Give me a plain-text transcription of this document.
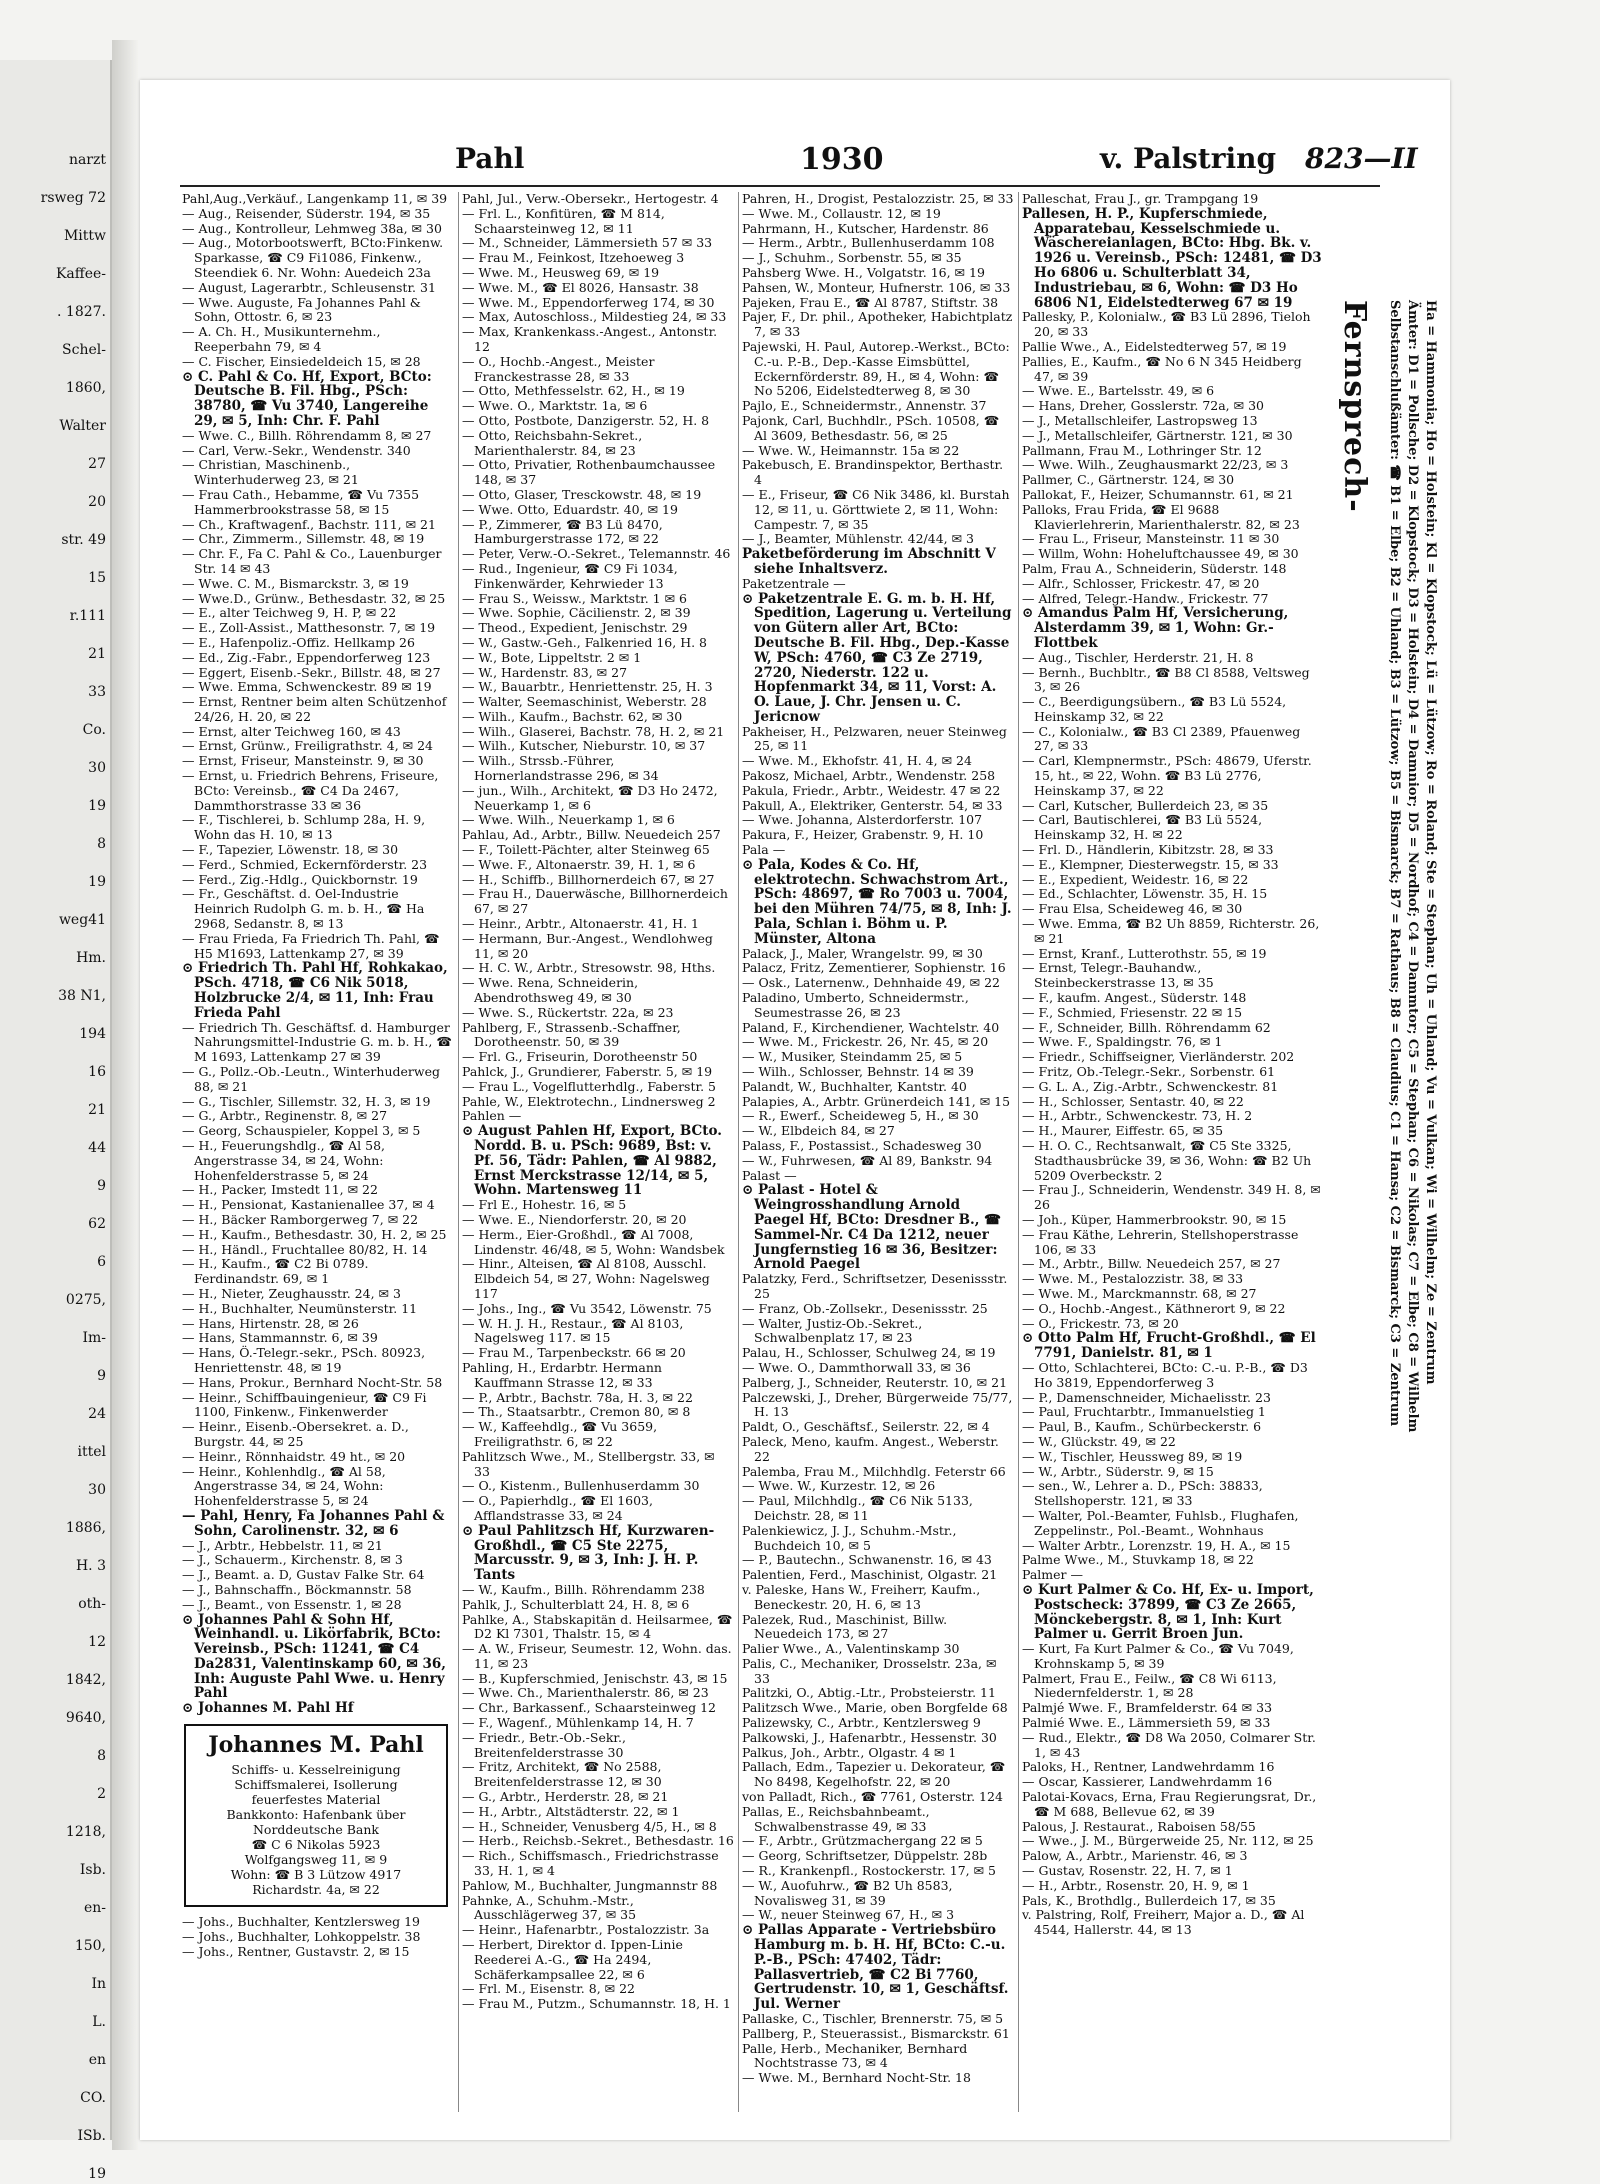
narzt
rsweg 72
Mittw
Kaffee-
. 1827.
Schel-
1860,
Walter
27
20
str. 49
15
r.111
21
33
Co.
30
19
8
19
weg41
Hm.
38 N1,
194
16
21
44
9
62
6
0275,
Im-
9
24
ittel
30
1886,
H. 3
oth-
12
1842,
9640,
8
2
1218,
Isb.
en-
150,
In
L.
en
CO.
ISb.
19
Pahl	1930	v. Palstring 823—II
Pahl,Aug.,Verkäuf., Langenkamp 11, ✉ 39
— Aug., Reisender, Süderstr. 194, ✉ 35
— Aug., Kontrolleur, Lehmweg 38a, ✉ 30
— Aug., Motorbootswerft, BCto:Finkenw. Sparkasse, ☎ C9 Fi1086, Finkenw., Steendiek 6. Nr. Wohn: Auedeich 23a
— August, Lagerarbtr., Schleusenstr. 31
— Wwe. Auguste, Fa Johannes Pahl & Sohn, Ottostr. 6, ✉ 23
— A. Ch. H., Musikunternehm., Reeperbahn 79, ✉ 4
— C. Fischer, Einsiedeldeich 15, ✉ 28
⊙ C. Pahl & Co. Hf, Export, BCto: Deutsche B. Fil. Hbg., PSch: 38780, ☎ Vu 3740, Langereihe 29, ✉ 5, Inh: Chr. F. Pahl
— Wwe. C., Billh. Röhrendamm 8, ✉ 27
— Carl, Verw.-Sekr., Wendenstr. 340
— Christian, Maschinenb., Winterhuderweg 23, ✉ 21
— Frau Cath., Hebamme, ☎ Vu 7355 Hammerbrookstrasse 58, ✉ 15
— Ch., Kraftwagenf., Bachstr. 111, ✉ 21
— Chr., Zimmerm., Sillemstr. 48, ✉ 19
— Chr. F., Fa C. Pahl & Co., Lauenburger Str. 14 ✉ 43
— Wwe. C. M., Bismarckstr. 3, ✉ 19
— Wwe.D., Grünw., Bethesdastr. 32, ✉ 25
— E., alter Teichweg 9, H. P, ✉ 22
— E., Zoll-Assist., Matthesonstr. 7, ✉ 19
— E., Hafenpoliz.-Offiz. Hellkamp 26
— Ed., Zig.-Fabr., Eppendorferweg 123
— Eggert, Eisenb.-Sekr., Billstr. 48, ✉ 27
— Wwe. Emma, Schwenckestr. 89 ✉ 19
— Ernst, Rentner beim alten Schützenhof 24/26, H. 20, ✉ 22
— Ernst, alter Teichweg 160, ✉ 43
— Ernst, Grünw., Freiligrathstr. 4, ✉ 24
— Ernst, Friseur, Mansteinstr. 9, ✉ 30
— Ernst, u. Friedrich Behrens, Friseure, BCto: Vereinsb., ☎ C4 Da 2467, Dammthorstrasse 33 ✉ 36
— F., Tischlerei, b. Schlump 28a, H. 9, Wohn das H. 10, ✉ 13
— F., Tapezier, Löwenstr. 18, ✉ 30
— Ferd., Schmied, Eckernförderstr. 23
— Ferd., Zig.-Hdlg., Quickbornstr. 19
— Fr., Geschäftst. d. Oel-Industrie Heinrich Rudolph G. m. b. H., ☎ Ha 2968, Sedanstr. 8, ✉ 13
— Frau Frieda, Fa Friedrich Th. Pahl, ☎ H5 M1693, Lattenkamp 27, ✉ 39
⊙ Friedrich Th. Pahl Hf, Rohkakao, PSch. 4718, ☎ C6 Nik 5018, Holzbrucke 2/4, ✉ 11, Inh: Frau Frieda Pahl
— Friedrich Th. Geschäftsf. d. Hamburger Nahrungsmittel-Industrie G. m. b. H., ☎ M 1693, Lattenkamp 27 ✉ 39
— G., Pollz.-Ob.-Leutn., Winterhuderweg 88, ✉ 21
— G., Tischler, Sillemstr. 32, H. 3, ✉ 19
— G., Arbtr., Reginenstr. 8, ✉ 27
— Georg, Schauspieler, Koppel 3, ✉ 5
— H., Feuerungshdlg., ☎ Al 58, Angerstrasse 34, ✉ 24, Wohn: Hohenfelderstrasse 5, ✉ 24
— H., Packer, Imstedt 11, ✉ 22
— H., Pensionat, Kastanienallee 37, ✉ 4
— H., Bäcker Ramborgerweg 7, ✉ 22
— H., Kaufm., Bethesdastr. 30, H. 2, ✉ 25
— H., Händl., Fruchtallee 80/82, H. 14
— H., Kaufm., ☎ C2 Bi 0789. Ferdinandstr. 69, ✉ 1
— H., Nieter, Zeughausstr. 24, ✉ 3
— H., Buchhalter, Neumünsterstr. 11
— Hans, Hirtenstr. 28, ✉ 26
— Hans, Stammannstr. 6, ✉ 39
— Hans, Ö.-Telegr.-sekr., PSch. 80923, Henriettenstr. 48, ✉ 19
— Hans, Prokur., Bernhard Nocht-Str. 58
— Heinr., Schiffbauingenieur, ☎ C9 Fi 1100, Finkenw., Finkenwerder
— Heinr., Eisenb.-Obersekret. a. D., Burgstr. 44, ✉ 25
— Heinr., Rönnhaidstr. 49 ht., ✉ 20
— Heinr., Kohlenhdlg., ☎ Al 58, Angerstrasse 34, ✉ 24, Wohn: Hohenfelderstrasse 5, ✉ 24
— Pahl, Henry, Fa Johannes Pahl & Sohn, Carolinenstr. 32, ✉ 6
— J., Arbtr., Hebbelstr. 11, ✉ 21
— J., Schauerm., Kirchenstr. 8, ✉ 3
— J., Beamt. a. D, Gustav Falke Str. 64
— J., Bahnschaffn., Böckmannstr. 58
— J., Beamt., von Essenstr. 1, ✉ 28
⊙ Johannes Pahl & Sohn Hf, Weinhandl. u. Likörfabrik, BCto: Vereinsb., PSch: 11241, ☎ C4 Da2831, Valentinskamp 60, ✉ 36, Inh: Auguste Pahl Wwe. u. Henry Pahl
⊙ Johannes M. Pahl Hf
Johannes M. Pahl
Schiffs- u. Kesselreinigung
Schiffsmalerei, Isollerung
feuerfestes Material
Bankkonto: Hafenbank über
Norddeutsche Bank
☎ C 6 Nikolas 5923
Wolfgangsweg 11, ✉ 9
Wohn: ☎ B 3 Lützow 4917
Richardstr. 4a, ✉ 22
— Johs., Buchhalter, Kentzlersweg 19
— Johs., Buchhalter, Lohkoppelstr. 38
— Johs., Rentner, Gustavstr. 2, ✉ 15
Pahl, Jul., Verw.-Obersekr., Hertogestr. 4
— Frl. L., Konfitüren, ☎ M 814, Schaarsteinweg 12, ✉ 11
— M., Schneider, Lämmersieth 57 ✉ 33
— Frau M., Feinkost, Itzehoeweg 3
— Wwe. M., Heusweg 69, ✉ 19
— Wwe. M., ☎ El 8026, Hansastr. 38
— Wwe. M., Eppendorferweg 174, ✉ 30
— Max, Autoschloss., Mildestieg 24, ✉ 33
— Max, Krankenkass.-Angest., Antonstr. 12
— O., Hochb.-Angest., Meister Franckestrasse 28, ✉ 33
— Otto, Methfesselstr. 62, H., ✉ 19
— Wwe. O., Marktstr. 1a, ✉ 6
— Otto, Postbote, Danzigerstr. 52, H. 8
— Otto, Reichsbahn-Sekret., Marienthalerstr. 84, ✉ 23
— Otto, Privatier, Rothenbaumchaussee 148, ✉ 37
— Otto, Glaser, Tresckowstr. 48, ✉ 19
— Wwe. Otto, Eduardstr. 40, ✉ 19
— P., Zimmerer, ☎ B3 Lü 8470, Hamburgerstrasse 172, ✉ 22
— Peter, Verw.-O.-Sekret., Telemannstr. 46
— Rud., Ingenieur, ☎ C9 Fi 1034, Finkenwärder, Kehrwieder 13
— Frau S., Weissw., Marktstr. 1 ✉ 6
— Wwe. Sophie, Cäcilienstr. 2, ✉ 39
— Theod., Expedient, Jenischstr. 29
— W., Gastw.-Geh., Falkenried 16, H. 8
— W., Bote, Lippeltstr. 2 ✉ 1
— W., Hardenstr. 83, ✉ 27
— W., Bauarbtr., Henriettenstr. 25, H. 3
— Walter, Seemaschinist, Weberstr. 28
— Wilh., Kaufm., Bachstr. 62, ✉ 30
— Wilh., Glaserei, Bachstr. 78, H. 2, ✉ 21
— Wilh., Kutscher, Nieburstr. 10, ✉ 37
— Wilh., Strssb.-Führer, Hornerlandstrasse 296, ✉ 34
— jun., Wilh., Architekt, ☎ D3 Ho 2472, Neuerkamp 1, ✉ 6
— Wwe. Wilh., Neuerkamp 1, ✉ 6
Pahlau, Ad., Arbtr., Billw. Neuedeich 257
— F., Toilett-Pächter, alter Steinweg 65
— Wwe. F., Altonaerstr. 39, H. 1, ✉ 6
— H., Schiffb., Billhornerdeich 67, ✉ 27
— Frau H., Dauerwäsche, Billhornerdeich 67, ✉ 27
— Heinr., Arbtr., Altonaerstr. 41, H. 1
— Hermann, Bur.-Angest., Wendlohweg 11, ✉ 20
— H. C. W., Arbtr., Stresowstr. 98, Hths.
— Wwe. Rena, Schneiderin, Abendrothsweg 49, ✉ 30
— Wwe. S., Rückertstr. 22a, ✉ 23
Pahlberg, F., Strassenb.-Schaffner, Dorotheenstr. 50, ✉ 39
— Frl. G., Friseurin, Dorotheenstr 50
Pahlck, J., Grundierer, Faberstr. 5, ✉ 19
— Frau L., Vogelflutterhdlg., Faberstr. 5
Pahle, W., Elektrotechn., Lindnersweg 2
Pahlen —
⊙ August Pahlen Hf, Export, BCto. Nordd. B. u. PSch: 9689, Bst: v. Pf. 56, Tädr: Pahlen, ☎ Al 9882, Ernst Merckstrasse 12/14, ✉ 5, Wohn. Martensweg 11
— Frl E., Hohestr. 16, ✉ 5
— Wwe. E., Niendorferstr. 20, ✉ 20
— Herm., Eier-Großhdl., ☎ Al 7008, Lindenstr. 46/48, ✉ 5, Wohn: Wandsbek
— Hinr., Alteisen, ☎ Al 8108, Ausschl. Elbdeich 54, ✉ 27, Wohn: Nagelsweg 117
— Johs., Ing., ☎ Vu 3542, Löwenstr. 75
— W. H. J. H., Restaur., ☎ Al 8103, Nagelsweg 117. ✉ 15
— Frau M., Tarpenbeckstr. 66 ✉ 20
Pahling, H., Erdarbtr. Hermann Kauffmann Strasse 12, ✉ 33
— P., Arbtr., Bachstr. 78a, H. 3, ✉ 22
— Th., Staatsarbtr., Cremon 80, ✉ 8
— W., Kaffeehdlg., ☎ Vu 3659, Freiligrathstr. 6, ✉ 22
Pahlitzsch Wwe., M., Stellbergstr. 33, ✉ 33
— O., Kistenm., Bullenhuserdamm 30
— O., Papierhdlg., ☎ El 1603, Afflandstrasse 33, ✉ 24
⊙ Paul Pahlitzsch Hf, Kurzwaren-Großhdl., ☎ C5 Ste 2275, Marcusstr. 9, ✉ 3, Inh: J. H. P. Tants
— W., Kaufm., Billh. Röhrendamm 238
Pahlk, J., Schulterblatt 24, H. 8, ✉ 6
Pahlke, A., Stabskapitän d. Heilsarmee, ☎ D2 Kl 7301, Thalstr. 15, ✉ 4
— A. W., Friseur, Seumestr. 12, Wohn. das. 11, ✉ 23
— B., Kupferschmied, Jenischstr. 43, ✉ 15
— Wwe. Ch., Marienthalerstr. 86, ✉ 23
— Chr., Barkassenf., Schaarsteinweg 12
— F., Wagenf., Mühlenkamp 14, H. 7
— Friedr., Betr.-Ob.-Sekr., Breitenfelderstrasse 30
— Fritz, Architekt, ☎ No 2588, Breitenfelderstrasse 12, ✉ 30
— G., Arbtr., Herderstr. 28, ✉ 21
— H., Arbtr., Altstädterstr. 22, ✉ 1
— H., Schneider, Venusberg 4/5, H., ✉ 8
— Herb., Reichsb.-Sekret., Bethesdastr. 16
— Rich., Schiffsmasch., Friedrichstrasse 33, H. 1, ✉ 4
Pahlow, M., Buchhalter, Jungmannstr 88
Pahnke, A., Schuhm.-Mstr., Ausschlägerweg 37, ✉ 35
— Heinr., Hafenarbtr., Postalozzistr. 3a
— Herbert, Direktor d. Ippen-Linie Reederei A.-G., ☎ Ha 2494, Schäferkampsallee 22, ✉ 6
— Frl. M., Eisenstr. 8, ✉ 22
— Frau M., Putzm., Schumannstr. 18, H. 1
Pahren, H., Drogist, Pestalozzistr. 25, ✉ 33
— Wwe. M., Collaustr. 12, ✉ 19
Pahrmann, H., Kutscher, Hardenstr. 86
— Herm., Arbtr., Bullenhuserdamm 108
— J., Schuhm., Sorbenstr. 55, ✉ 35
Pahsberg Wwe. H., Volgatstr. 16, ✉ 19
Pahsen, W., Monteur, Hufnerstr. 106, ✉ 33
Pajeken, Frau E., ☎ Al 8787, Stiftstr. 38
Pajer, F., Dr. phil., Apotheker, Habichtplatz 7, ✉ 33
Pajewski, H. Paul, Autorep.-Werkst., BCto: C.-u. P.-B., Dep.-Kasse Eimsbüttel, Eckernförderstr. 89, H., ✉ 4, Wohn: ☎ No 5206, Eidelstedterweg 8, ✉ 30
Pajlo, E., Schneidermstr., Annenstr. 37
Pajonk, Carl, Buchhdlr., PSch. 10508, ☎ Al 3609, Bethesdastr. 56, ✉ 25
— Wwe. W., Heimannstr. 15a ✉ 22
Pakebusch, E. Brandinspektor, Berthastr. 4
— E., Friseur, ☎ C6 Nik 3486, kl. Burstah 12, ✉ 11, u. Görttwiete 2, ✉ 11, Wohn: Campestr. 7, ✉ 35
— J., Beamter, Mühlenstr. 42/44, ✉ 3
Paketbeförderung im Abschnitt V siehe Inhaltsverz.
Paketzentrale —
⊙ Paketzentrale E. G. m. b. H. Hf, Spedition, Lagerung u. Verteilung von Gütern aller Art, BCto: Deutsche B. Fil. Hbg., Dep.-Kasse W, PSch: 4760, ☎ C3 Ze 2719, 2720, Niederstr. 122 u. Hopfenmarkt 34, ✉ 11, Vorst: A. O. Laue, J. Chr. Jensen u. C. Jericnow
Pakheiser, H., Pelzwaren, neuer Steinweg 25, ✉ 11
— Wwe. M., Ekhofstr. 41, H. 4, ✉ 24
Pakosz, Michael, Arbtr., Wendenstr. 258
Pakula, Friedr., Arbtr., Weidestr. 47 ✉ 22
Pakull, A., Elektriker, Genterstr. 54, ✉ 33
— Wwe. Johanna, Alsterdorferstr. 107
Pakura, F., Heizer, Grabenstr. 9, H. 10
Pala —
⊙ Pala, Kodes & Co. Hf, elektrotechn. Schwachstrom Art., PSch: 48697, ☎ Ro 7003 u. 7004, bei den Mühren 74/75, ✉ 8, Inh: J. Pala, Schlan i. Böhm u. P. Münster, Altona
Palack, J., Maler, Wrangelstr. 99, ✉ 30
Palacz, Fritz, Zementierer, Sophienstr. 16
— Osk., Laternenw., Dehnhaide 49, ✉ 22
Paladino, Umberto, Schneidermstr., Seumestrasse 26, ✉ 23
Paland, F., Kirchendiener, Wachtelstr. 40
— Wwe. M., Frickestr. 26, Nr. 45, ✉ 20
— W., Musiker, Steindamm 25, ✉ 5
— Wilh., Schlosser, Behnstr. 14 ✉ 39
Palandt, W., Buchhalter, Kantstr. 40
Palapies, A., Arbtr. Grünerdeich 141, ✉ 15
— R., Ewerf., Scheideweg 5, H., ✉ 30
— W., Elbdeich 84, ✉ 27
Palass, F., Postassist., Schadesweg 30
— W., Fuhrwesen, ☎ Al 89, Bankstr. 94
Palast —
⊙ Palast - Hotel & Weingrosshandlung Arnold Paegel Hf, BCto: Dresdner B., ☎ Sammel-Nr. C4 Da 1212, neuer Jungfernstieg 16 ✉ 36, Besitzer: Arnold Paegel
Palatzky, Ferd., Schriftsetzer, Desenissstr. 25
— Franz, Ob.-Zollsekr., Desenissstr. 25
— Walter, Justiz-Ob.-Sekret., Schwalbenplatz 17, ✉ 23
Palau, H., Schlosser, Schulweg 24, ✉ 19
— Wwe. O., Dammthorwall 33, ✉ 36
Palberg, J., Schneider, Reuterstr. 10, ✉ 21
Palczewski, J., Dreher, Bürgerweide 75/77, H. 13
Paldt, O., Geschäftsf., Seilerstr. 22, ✉ 4
Paleck, Meno, kaufm. Angest., Weberstr. 22
Palemba, Frau M., Milchhdlg. Feterstr 66
— Wwe. W., Kurzestr. 12, ✉ 26
— Paul, Milchhdlg., ☎ C6 Nik 5133, Deichstr. 28, ✉ 11
Palenkiewicz, J. J., Schuhm.-Mstr., Buchdeich 10, ✉ 5
— P., Bautechn., Schwanenstr. 16, ✉ 43
Palentien, Ferd., Maschinist, Olgastr. 21
v. Paleske, Hans W., Freiherr, Kaufm., Beneckestr. 20, H. 6, ✉ 13
Palezek, Rud., Maschinist, Billw. Neuedeich 173, ✉ 27
Palier Wwe., A., Valentinskamp 30
Palis, C., Mechaniker, Drosselstr. 23a, ✉ 33
Palitzki, O., Abtig.-Ltr., Probsteierstr. 11
Palitzsch Wwe., Marie, oben Borgfelde 68
Palizewsky, C., Arbtr., Kentzlersweg 9
Palkowski, J., Hafenarbtr., Hessenstr. 30
Palkus, Joh., Arbtr., Olgastr. 4 ✉ 1
Pallach, Edm., Tapezier u. Dekorateur, ☎ No 8498, Kegelhofstr. 22, ✉ 20
von Palladt, Rich., ☎ 7761, Osterstr. 124
Pallas, E., Reichsbahnbeamt., Schwalbenstrasse 49, ✉ 33
— F., Arbtr., Grützmachergang 22 ✉ 5
— Georg, Schriftsetzer, Düppelstr. 28b
— R., Krankenpfl., Rostockerstr. 17, ✉ 5
— W., Auofuhrw., ☎ B2 Uh 8583, Novalisweg 31, ✉ 39
— W., neuer Steinweg 67, H., ✉ 3
⊙ Pallas Apparate - Vertriebsbüro Hamburg m. b. H. Hf, BCto: C.-u. P.-B., PSch: 47402, Tädr: Pallasvertrieb, ☎ C2 Bi 7760, Gertrudenstr. 10, ✉ 1, Geschäftsf. Jul. Werner
Pallaske, C., Tischler, Brennerstr. 75, ✉ 5
Pallberg, P., Steuerassist., Bismarckstr. 61
Palle, Herb., Mechaniker, Bernhard Nochtstrasse 73, ✉ 4
— Wwe. M., Bernhard Nocht-Str. 18
Palleschat, Frau J., gr. Trampgang 19
Pallesen, H. P., Kupferschmiede, Apparatebau, Kesselschmiede u. Wäschereianlagen, BCto: Hbg. Bk. v. 1926 u. Vereinsb., PSch: 12481, ☎ D3 Ho 6806 u. Schulterblatt 34, Industriebau, ✉ 6, Wohn: ☎ D3 Ho 6806 N1, Eidelstedterweg 67 ✉ 19
Pallesky, P., Kolonialw., ☎ B3 Lü 2896, Tieloh 20, ✉ 33
Pallie Wwe., A., Eidelstedterweg 57, ✉ 19
Pallies, E., Kaufm., ☎ No 6 N 345 Heidberg 47, ✉ 39
— Wwe. E., Bartelsstr. 49, ✉ 6
— Hans, Dreher, Gosslerstr. 72a, ✉ 30
— J., Metallschleifer, Lastropsweg 13
— J., Metallschleifer, Gärtnerstr. 121, ✉ 30
Pallmann, Frau M., Lothringer Str. 12
— Wwe. Wilh., Zeughausmarkt 22/23, ✉ 3
Pallmer, C., Gärtnerstr. 124, ✉ 30
Pallokat, F., Heizer, Schumannstr. 61, ✉ 21
Palloks, Frau Frida, ☎ El 9688 Klavierlehrerin, Marienthalerstr. 82, ✉ 23
— Frau L., Friseur, Mansteinstr. 11 ✉ 30
— Willm, Wohn: Hoheluftchaussee 49, ✉ 30
Palm, Frau A., Schneiderin, Süderstr. 148
— Alfr., Schlosser, Frickestr. 47, ✉ 20
— Alfred, Telegr.-Handw., Frickestr. 77
⊙ Amandus Palm Hf, Versicherung, Alsterdamm 39, ✉ 1, Wohn: Gr.-Flottbek
— Aug., Tischler, Herderstr. 21, H. 8
— Bernh., Buchbltr., ☎ B8 Cl 8588, Veltsweg 3, ✉ 26
— C., Beerdigungsübern., ☎ B3 Lü 5524, Heinskamp 32, ✉ 22
— C., Kolonialw., ☎ B3 Cl 2389, Pfauenweg 27, ✉ 33
— Carl, Klempnermstr., PSch: 48679, Uferstr. 15, ht., ✉ 22, Wohn. ☎ B3 Lü 2776, Heinskamp 37, ✉ 22
— Carl, Kutscher, Bullerdeich 23, ✉ 35
— Carl, Bautischlerei, ☎ B3 Lü 5524, Heinskamp 32, H. ✉ 22
— Frl. D., Händlerin, Kibitzstr. 28, ✉ 33
— E., Klempner, Diesterwegstr. 15, ✉ 33
— E., Expedient, Weidestr. 16, ✉ 22
— Ed., Schlachter, Löwenstr. 35, H. 15
— Frau Elsa, Scheideweg 46, ✉ 30
— Wwe. Emma, ☎ B2 Uh 8859, Richterstr. 26, ✉ 21
— Ernst, Kranf., Lutterothstr. 55, ✉ 19
— Ernst, Telegr.-Bauhandw., Steinbeckerstrasse 13, ✉ 35
— F., kaufm. Angest., Süderstr. 148
— F., Schmied, Friesenstr. 22 ✉ 15
— F., Schneider, Billh. Röhrendamm 62
— Wwe. F., Spaldingstr. 76, ✉ 1
— Friedr., Schiffseigner, Vierländerstr. 202
— Fritz, Ob.-Telegr.-Sekr., Sorbenstr. 61
— G. L. A., Zig.-Arbtr., Schwenckestr. 81
— H., Schlosser, Sentastr. 40, ✉ 22
— H., Arbtr., Schwenckestr. 73, H. 2
— H., Maurer, Eiffestr. 65, ✉ 35
— H. O. C., Rechtsanwalt, ☎ C5 Ste 3325, Stadthausbrücke 39, ✉ 36, Wohn: ☎ B2 Uh 5209 Overbeckstr. 2
— Frau J., Schneiderin, Wendenstr. 349 H. 8, ✉ 26
— Joh., Küper, Hammerbrookstr. 90, ✉ 15
— Frau Käthe, Lehrerin, Stellshoperstrasse 106, ✉ 33
— M., Arbtr., Billw. Neuedeich 257, ✉ 27
— Wwe. M., Pestalozzistr. 38, ✉ 33
— Wwe. M., Marckmannstr. 68, ✉ 27
— O., Hochb.-Angest., Käthnerort 9, ✉ 22
— O., Frickestr. 73, ✉ 20
⊙ Otto Palm Hf, Frucht-Großhdl., ☎ El 7791, Danielstr. 81, ✉ 1
— Otto, Schlachterei, BCto: C.-u. P.-B., ☎ D3 Ho 3819, Eppendorferweg 3
— P., Damenschneider, Michaelisstr. 23
— Paul, Fruchtarbtr., Immanuelstieg 1
— Paul, B., Kaufm., Schürbeckerstr. 6
— W., Glückstr. 49, ✉ 22
— W., Tischler, Heussweg 89, ✉ 19
— W., Arbtr., Süderstr. 9, ✉ 15
— sen., W., Lehrer a. D., PSch: 38833, Stellshoperstr. 121, ✉ 33
— Walter, Pol.-Beamter, Fuhlsb., Flughafen, Zeppelinstr., Pol.-Beamt., Wohnhaus
— Walter Arbtr., Lorenzstr. 19, H. A., ✉ 15
Palme Wwe., M., Stuvkamp 18, ✉ 22
Palmer —
⊙ Kurt Palmer & Co. Hf, Ex- u. Import, Postscheck: 37899, ☎ C3 Ze 2665, Mönckebergstr. 8, ✉ 1, Inh: Kurt Palmer u. Gerrit Broen Jun.
— Kurt, Fa Kurt Palmer & Co., ☎ Vu 7049, Krohnskamp 5, ✉ 39
Palmert, Frau E., Feilw., ☎ C8 Wi 6113, Niedernfelderstr. 1, ✉ 28
Palmjé Wwe. F., Bramfelderstr. 64 ✉ 33
Palmié Wwe. E., Lämmersieth 59, ✉ 33
— Rud., Elektr., ☎ D8 Wa 2050, Colmarer Str. 1, ✉ 43
Paloks, H., Rentner, Landwehrdamm 16
— Oscar, Kassierer, Landwehrdamm 16
Palotai-Kovacs, Erna, Frau Regierungsrat, Dr., ☎ M 688, Bellevue 62, ✉ 39
Palous, J. Restaurat., Raboisen 58/55
— Wwe., J. M., Bürgerweide 25, Nr. 112, ✉ 25
Palow, A., Arbtr., Marienstr. 46, ✉ 3
— Gustav, Rosenstr. 22, H. 7, ✉ 1
— H., Arbtr., Rosenstr. 20, H. 9, ✉ 1
Pals, K., Brothdlg., Bullerdeich 17, ✉ 35
v. Palstring, Rolf, Freiherr, Major a. D., ☎ Al 4544, Hallerstr. 44, ✉ 13
Fernsprech- Selbstanschlußämter: ☎ B1 = Elbe; B2 = Uhland; B3 = Lützow; B5 = Bismarck; B7 = Rathaus; B8 = Claudius; C1 = Hansa; C2 = Bismarck; C3 = Zentrum Ämter: D1 = Pollsche; D2 = Klopstock; D3 = Holstein; D4 = Damnior; D5 = Nordhof; C4 = Dammtor; C5 = Stephan; C6 = Nikolas; C7 = Elbe; C8 = Wilhelm Ha = Hammonia; Ho = Holstein; Kl = Klopstock; Lü = Lützow; Ro = Roland; Ste = Stephan; Uh = Uhland; Vu = Vulkan; Wi = Wilhelm; Ze = Zentrum
